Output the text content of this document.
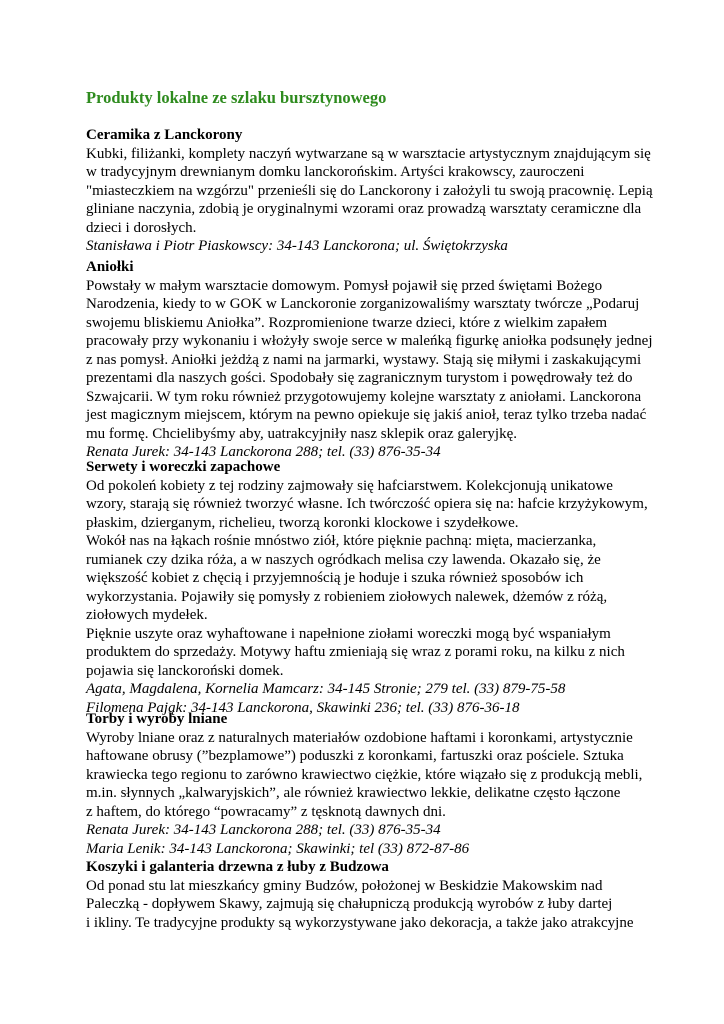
Produkty lokalne ze szlaku bursztynowego
Ceramika z Lanckorony
Kubki, filiżanki, komplety naczyń wytwarzane są w warsztacie artystycznym znajdującym się
w tradycyjnym drewnianym domku lanckorońskim. Artyści krakowscy, zauroczeni
"miasteczkiem na wzgórzu" przenieśli się do Lanckorony i założyli tu swoją pracownię. Lepią
gliniane naczynia, zdobią je oryginalnymi wzorami oraz prowadzą warsztaty ceramiczne dla
dzieci i dorosłych.
Stanisława i Piotr Piaskowscy: 34-143 Lanckorona; ul. Świętokrzyska
Aniołki
Powstały w małym warsztacie domowym. Pomysł pojawił się przed świętami Bożego
Narodzenia, kiedy to w GOK w Lanckoronie zorganizowaliśmy warsztaty twórcze „Podaruj
swojemu bliskiemu Aniołka”. Rozpromienione twarze dzieci, które z wielkim zapałem
pracowały przy wykonaniu i włożyły swoje serce w maleńką figurkę aniołka podsunęły jednej
z nas pomysł. Aniołki jeżdżą z nami na jarmarki, wystawy. Stają się miłymi i zaskakującymi
prezentami dla naszych gości. Spodobały się zagranicznym turystom i powędrowały też do
Szwajcarii. W tym roku również przygotowujemy kolejne warsztaty z aniołami. Lanckorona
jest magicznym miejscem, którym na pewno opiekuje się jakiś anioł, teraz tylko trzeba nadać
mu formę. Chcielibyśmy aby, uatrakcyjniły nasz sklepik oraz galeryjkę.
Renata Jurek: 34-143 Lanckorona 288; tel. (33) 876-35-34
Serwety i woreczki zapachowe
Od pokoleń kobiety z tej rodziny zajmowały się hafciarstwem. Kolekcjonują unikatowe
wzory, starają się również tworzyć własne. Ich twórczość opiera się na: hafcie krzyżykowym,
płaskim, dzierganym, richelieu, tworzą koronki klockowe i szydełkowe.
Wokół nas na łąkach rośnie mnóstwo ziół, które pięknie pachną: mięta, macierzanka,
rumianek czy dzika róża, a w naszych ogródkach melisa czy lawenda. Okazało się, że
większość kobiet z chęcią i przyjemnością je hoduje i szuka również sposobów ich
wykorzystania. Pojawiły się pomysły z robieniem ziołowych nalewek, dżemów z różą,
ziołowych mydełek.
Pięknie uszyte oraz wyhaftowane i napełnione ziołami woreczki mogą być wspaniałym
produktem do sprzedaży. Motywy haftu zmieniają się wraz z porami roku, na kilku z nich
pojawia się lanckoroński domek.
Agata, Magdalena, Kornelia Mamcarz: 34-145 Stronie; 279 tel. (33) 879-75-58
Filomena Pająk: 34-143 Lanckorona, Skawinki 236; tel. (33) 876-36-18
Torby i wyroby lniane
Wyroby lniane oraz z naturalnych materiałów ozdobione haftami i koronkami, artystycznie
haftowane obrusy (”bezplamowe”) poduszki z koronkami, fartuszki oraz pościele. Sztuka
krawiecka tego regionu to zarówno krawiectwo ciężkie, które wiązało się z produkcją mebli,
m.in. słynnych „kalwaryjskich”, ale również krawiectwo lekkie, delikatne często łączone
z haftem, do którego “powracamy” z tęsknotą dawnych dni.
Renata Jurek: 34-143 Lanckorona 288; tel. (33) 876-35-34
Maria Lenik: 34-143 Lanckorona; Skawinki; tel (33) 872-87-86
Koszyki i galanteria drzewna z łuby z Budzowa
Od ponad stu lat mieszkańcy gminy Budzów, położonej w Beskidzie Makowskim nad
Paleczką - dopływem Skawy, zajmują się chałupniczą produkcją wyrobów z łuby dartej
i ikliny. Te tradycyjne produkty są wykorzystywane jako dekoracja, a także jako atrakcyjne
